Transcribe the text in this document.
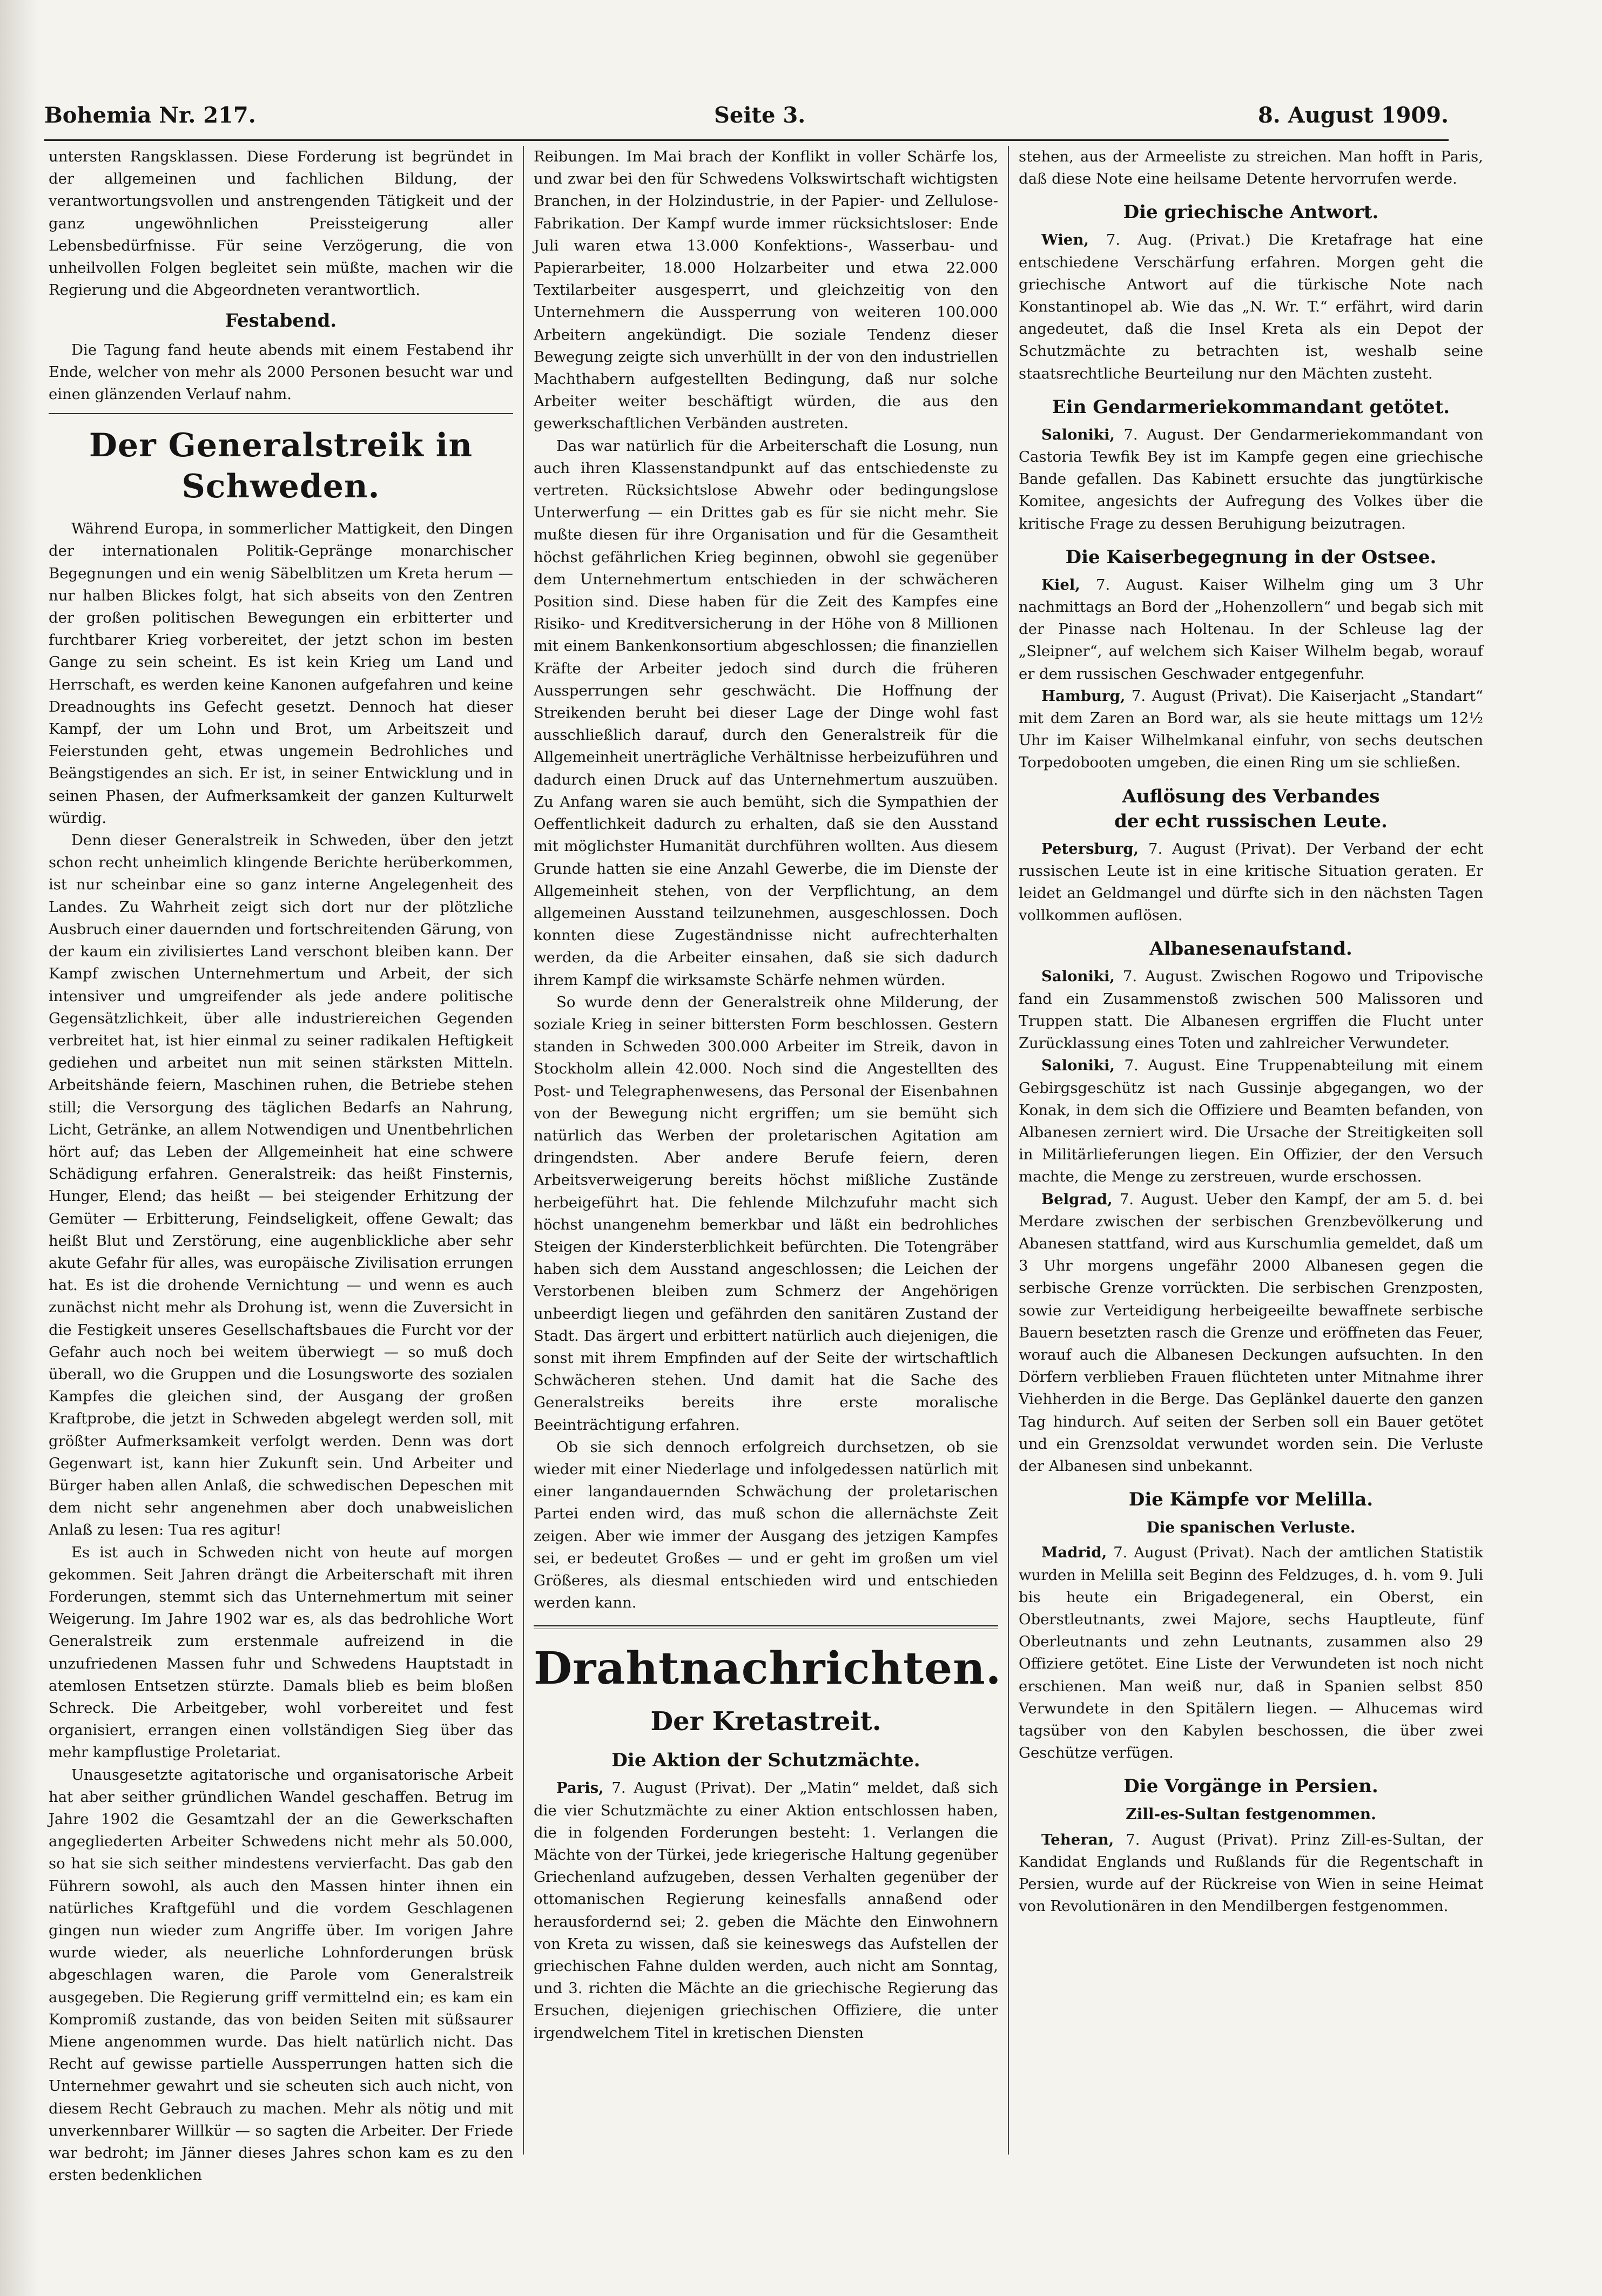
Bohemia Nr. 217.	Seite 3.	8. August 1909.

untersten Rangsklassen. Diese Forderung ist begründet in der allgemeinen und fachlichen Bildung, der verantwortungsvollen und anstrengenden Tätigkeit und der ganz ungewöhnlichen Preissteigerung aller Lebensbedürfnisse. Für seine Verzögerung, die von unheilvollen Folgen begleitet sein müßte, machen wir die Regierung und die Abgeordneten verantwortlich.

Festabend.

Die Tagung fand heute abends mit einem Festabend ihr Ende, welcher von mehr als 2000 Personen besucht war und einen glänzenden Verlauf nahm.

Der Generalstreik in Schweden.

Während Europa, in sommerlicher Mattigkeit, den Dingen der internationalen Politik-Gepränge monarchischer Begegnungen und ein wenig Säbelblitzen um Kreta herum — nur halben Blickes folgt, hat sich abseits von den Zentren der großen politischen Bewegungen ein erbitterter und furchtbarer Krieg vorbereitet, der jetzt schon im besten Gange zu sein scheint. Es ist kein Krieg um Land und Herrschaft, es werden keine Kanonen aufgefahren und keine Dreadnoughts ins Gefecht gesetzt. Dennoch hat dieser Kampf, der um Lohn und Brot, um Arbeitszeit und Feierstunden geht, etwas ungemein Bedrohliches und Beängstigendes an sich. Er ist, in seiner Entwicklung und in seinen Phasen, der Aufmerksamkeit der ganzen Kulturwelt würdig.

Denn dieser Generalstreik in Schweden, über den jetzt schon recht unheimlich klingende Berichte herüberkommen, ist nur scheinbar eine so ganz interne Angelegenheit des Landes. Zu Wahrheit zeigt sich dort nur der plötzliche Ausbruch einer dauernden und fortschreitenden Gärung, von der kaum ein zivilisiertes Land verschont bleiben kann. Der Kampf zwischen Unternehmertum und Arbeit, der sich intensiver und umgreifender als jede andere politische Gegensätzlichkeit, über alle industriereichen Gegenden verbreitet hat, ist hier einmal zu seiner radikalen Heftigkeit gediehen und arbeitet nun mit seinen stärksten Mitteln. Arbeitshände feiern, Maschinen ruhen, die Betriebe stehen still; die Versorgung des täglichen Bedarfs an Nahrung, Licht, Getränke, an allem Notwendigen und Unentbehrlichen hört auf; das Leben der Allgemeinheit hat eine schwere Schädigung erfahren. Generalstreik: das heißt Finsternis, Hunger, Elend; das heißt — bei steigender Erhitzung der Gemüter — Erbitterung, Feindseligkeit, offene Gewalt; das heißt Blut und Zerstörung, eine augenblickliche aber sehr akute Gefahr für alles, was europäische Zivilisation errungen hat. Es ist die drohende Vernichtung — und wenn es auch zunächst nicht mehr als Drohung ist, wenn die Zuversicht in die Festigkeit unseres Gesellschaftsbaues die Furcht vor der Gefahr auch noch bei weitem überwiegt — so muß doch überall, wo die Gruppen und die Losungsworte des sozialen Kampfes die gleichen sind, der Ausgang der großen Kraftprobe, die jetzt in Schweden abgelegt werden soll, mit größter Aufmerksamkeit verfolgt werden. Denn was dort Gegenwart ist, kann hier Zukunft sein. Und Arbeiter und Bürger haben allen Anlaß, die schwedischen Depeschen mit dem nicht sehr angenehmen aber doch unabweislichen Anlaß zu lesen: Tua res agitur!

Es ist auch in Schweden nicht von heute auf morgen gekommen. Seit Jahren drängt die Arbeiterschaft mit ihren Forderungen, stemmt sich das Unternehmertum mit seiner Weigerung. Im Jahre 1902 war es, als das bedrohliche Wort Generalstreik zum erstenmale aufreizend in die unzufriedenen Massen fuhr und Schwedens Hauptstadt in atemlosen Entsetzen stürzte. Damals blieb es beim bloßen Schreck. Die Arbeitgeber, wohl vorbereitet und fest organisiert, errangen einen vollständigen Sieg über das mehr kampflustige Proletariat.

Unausgesetzte agitatorische und organisatorische Arbeit hat aber seither gründlichen Wandel geschaffen. Betrug im Jahre 1902 die Gesamtzahl der an die Gewerkschaften angegliederten Arbeiter Schwedens nicht mehr als 50.000, so hat sie sich seither mindestens vervierfacht. Das gab den Führern sowohl, als auch den Massen hinter ihnen ein natürliches Kraftgefühl und die vordem Geschlagenen gingen nun wieder zum Angriffe über. Im vorigen Jahre wurde wieder, als neuerliche Lohnforderungen brüsk abgeschlagen waren, die Parole vom Generalstreik ausgegeben. Die Regierung griff vermittelnd ein; es kam ein Kompromiß zustande, das von beiden Seiten mit süßsaurer Miene angenommen wurde. Das hielt natürlich nicht. Das Recht auf gewisse partielle Aussperrungen hatten sich die Unternehmer gewahrt und sie scheuten sich auch nicht, von diesem Recht Gebrauch zu machen. Mehr als nötig und mit unverkennbarer Willkür — so sagten die Arbeiter. Der Friede war bedroht; im Jänner dieses Jahres schon kam es zu den ersten bedenklichen

Reibungen. Im Mai brach der Konflikt in voller Schärfe los, und zwar bei den für Schwedens Volkswirtschaft wichtigsten Branchen, in der Holzindustrie, in der Papier- und Zellulose-Fabrikation. Der Kampf wurde immer rücksichtsloser: Ende Juli waren etwa 13.000 Konfektions-, Wasserbau- und Papierarbeiter, 18.000 Holzarbeiter und etwa 22.000 Textilarbeiter ausgesperrt, und gleichzeitig von den Unternehmern die Aussperrung von weiteren 100.000 Arbeitern angekündigt. Die soziale Tendenz dieser Bewegung zeigte sich unverhüllt in der von den industriellen Machthabern aufgestellten Bedingung, daß nur solche Arbeiter weiter beschäftigt würden, die aus den gewerkschaftlichen Verbänden austreten.

Das war natürlich für die Arbeiterschaft die Losung, nun auch ihren Klassenstandpunkt auf das entschiedenste zu vertreten. Rücksichtslose Abwehr oder bedingungslose Unterwerfung — ein Drittes gab es für sie nicht mehr. Sie mußte diesen für ihre Organisation und für die Gesamtheit höchst gefährlichen Krieg beginnen, obwohl sie gegenüber dem Unternehmertum entschieden in der schwächeren Position sind. Diese haben für die Zeit des Kampfes eine Risiko- und Kreditversicherung in der Höhe von 8 Millionen mit einem Bankenkonsortium abgeschlossen; die finanziellen Kräfte der Arbeiter jedoch sind durch die früheren Aussperrungen sehr geschwächt. Die Hoffnung der Streikenden beruht bei dieser Lage der Dinge wohl fast ausschließlich darauf, durch den Generalstreik für die Allgemeinheit unerträgliche Verhältnisse herbeizuführen und dadurch einen Druck auf das Unternehmertum auszuüben. Zu Anfang waren sie auch bemüht, sich die Sympathien der Oeffentlichkeit dadurch zu erhalten, daß sie den Ausstand mit möglichster Humanität durchführen wollten. Aus diesem Grunde hatten sie eine Anzahl Gewerbe, die im Dienste der Allgemeinheit stehen, von der Verpflichtung, an dem allgemeinen Ausstand teilzunehmen, ausgeschlossen. Doch konnten diese Zugeständnisse nicht aufrechterhalten werden, da die Arbeiter einsahen, daß sie sich dadurch ihrem Kampf die wirksamste Schärfe nehmen würden.

So wurde denn der Generalstreik ohne Milderung, der soziale Krieg in seiner bittersten Form beschlossen. Gestern standen in Schweden 300.000 Arbeiter im Streik, davon in Stockholm allein 42.000. Noch sind die Angestellten des Post- und Telegraphenwesens, das Personal der Eisenbahnen von der Bewegung nicht ergriffen; um sie bemüht sich natürlich das Werben der proletarischen Agitation am dringendsten. Aber andere Berufe feiern, deren Arbeitsverweigerung bereits höchst mißliche Zustände herbeigeführt hat. Die fehlende Milchzufuhr macht sich höchst unangenehm bemerkbar und läßt ein bedrohliches Steigen der Kindersterblichkeit befürchten. Die Totengräber haben sich dem Ausstand angeschlossen; die Leichen der Verstorbenen bleiben zum Schmerz der Angehörigen unbeerdigt liegen und gefährden den sanitären Zustand der Stadt. Das ärgert und erbittert natürlich auch diejenigen, die sonst mit ihrem Empfinden auf der Seite der wirtschaftlich Schwächeren stehen. Und damit hat die Sache des Generalstreiks bereits ihre erste moralische Beeinträchtigung erfahren.

Ob sie sich dennoch erfolgreich durchsetzen, ob sie wieder mit einer Niederlage und infolgedessen natürlich mit einer langandauernden Schwächung der proletarischen Partei enden wird, das muß schon die allernächste Zeit zeigen. Aber wie immer der Ausgang des jetzigen Kampfes sei, er bedeutet Großes — und er geht im großen um viel Größeres, als diesmal entschieden wird und entschieden werden kann.

Drahtnachrichten.
Der Kretastreit.
Die Aktion der Schutzmächte.

Paris, 7. August (Privat). Der „Matin“ meldet, daß sich die vier Schutzmächte zu einer Aktion entschlossen haben, die in folgenden Forderungen besteht: 1. Verlangen die Mächte von der Türkei, jede kriegerische Haltung gegenüber Griechenland aufzugeben, dessen Verhalten gegenüber der ottomanischen Regierung keinesfalls annaßend oder herausfordernd sei; 2. geben die Mächte den Einwohnern von Kreta zu wissen, daß sie keineswegs das Aufstellen der griechischen Fahne dulden werden, auch nicht am Sonntag, und 3. richten die Mächte an die griechische Regierung das Ersuchen, diejenigen griechischen Offiziere, die unter irgendwelchem Titel in kretischen Diensten

stehen, aus der Armeeliste zu streichen. Man hofft in Paris, daß diese Note eine heilsame Detente hervorrufen werde.

Die griechische Antwort.

Wien, 7. Aug. (Privat.) Die Kretafrage hat eine entschiedene Verschärfung erfahren. Morgen geht die griechische Antwort auf die türkische Note nach Konstantinopel ab. Wie das „N. Wr. T.“ erfährt, wird darin angedeutet, daß die Insel Kreta als ein Depot der Schutzmächte zu betrachten ist, weshalb seine staatsrechtliche Beurteilung nur den Mächten zusteht.

Ein Gendarmeriekommandant getötet.

Saloniki, 7. August. Der Gendarmeriekommandant von Castoria Tewfik Bey ist im Kampfe gegen eine griechische Bande gefallen. Das Kabinett ersuchte das jungtürkische Komitee, angesichts der Aufregung des Volkes über die kritische Frage zu dessen Beruhigung beizutragen.

Die Kaiserbegegnung in der Ostsee.

Kiel, 7. August. Kaiser Wilhelm ging um 3 Uhr nachmittags an Bord der „Hohenzollern“ und begab sich mit der Pinasse nach Holtenau. In der Schleuse lag der „Sleipner“, auf welchem sich Kaiser Wilhelm begab, worauf er dem russischen Geschwader entgegenfuhr.

Hamburg, 7. August (Privat). Die Kaiserjacht „Standart“ mit dem Zaren an Bord war, als sie heute mittags um 12½ Uhr im Kaiser Wilhelmkanal einfuhr, von sechs deutschen Torpedobooten umgeben, die einen Ring um sie schließen.

Auflösung des Verbandes
der echt russischen Leute.

Petersburg, 7. August (Privat). Der Verband der echt russischen Leute ist in eine kritische Situation geraten. Er leidet an Geldmangel und dürfte sich in den nächsten Tagen vollkommen auflösen.

Albanesenaufstand.

Saloniki, 7. August. Zwischen Rogowo und Tripovische fand ein Zusammenstoß zwischen 500 Malissoren und Truppen statt. Die Albanesen ergriffen die Flucht unter Zurücklassung eines Toten und zahlreicher Verwundeter.

Saloniki, 7. August. Eine Truppenabteilung mit einem Gebirgsgeschütz ist nach Gussinje abgegangen, wo der Konak, in dem sich die Offiziere und Beamten befanden, von Albanesen zerniert wird. Die Ursache der Streitigkeiten soll in Militärlieferungen liegen. Ein Offizier, der den Versuch machte, die Menge zu zerstreuen, wurde erschossen.

Belgrad, 7. August. Ueber den Kampf, der am 5. d. bei Merdare zwischen der serbischen Grenzbevölkerung und Abanesen stattfand, wird aus Kurschumlia gemeldet, daß um 3 Uhr morgens ungefähr 2000 Albanesen gegen die serbische Grenze vorrückten. Die serbischen Grenzposten, sowie zur Verteidigung herbeigeeilte bewaffnete serbische Bauern besetzten rasch die Grenze und eröffneten das Feuer, worauf auch die Albanesen Deckungen aufsuchten. In den Dörfern verblieben Frauen flüchteten unter Mitnahme ihrer Viehherden in die Berge. Das Geplänkel dauerte den ganzen Tag hindurch. Auf seiten der Serben soll ein Bauer getötet und ein Grenzsoldat verwundet worden sein. Die Verluste der Albanesen sind unbekannt.

Die Kämpfe vor Melilla.
Die spanischen Verluste.

Madrid, 7. August (Privat). Nach der amtlichen Statistik wurden in Melilla seit Beginn des Feldzuges, d. h. vom 9. Juli bis heute ein Brigadegeneral, ein Oberst, ein Oberstleutnants, zwei Majore, sechs Hauptleute, fünf Oberleutnants und zehn Leutnants, zusammen also 29 Offiziere getötet. Eine Liste der Verwundeten ist noch nicht erschienen. Man weiß nur, daß in Spanien selbst 850 Verwundete in den Spitälern liegen. — Alhucemas wird tagsüber von den Kabylen beschossen, die über zwei Geschütze verfügen.

Die Vorgänge in Persien.
Zill-es-Sultan festgenommen.

Teheran, 7. August (Privat). Prinz Zill-es-Sultan, der Kandidat Englands und Rußlands für die Regentschaft in Persien, wurde auf der Rückreise von Wien in seine Heimat von Revolutionären in den Mendilbergen festgenommen.
